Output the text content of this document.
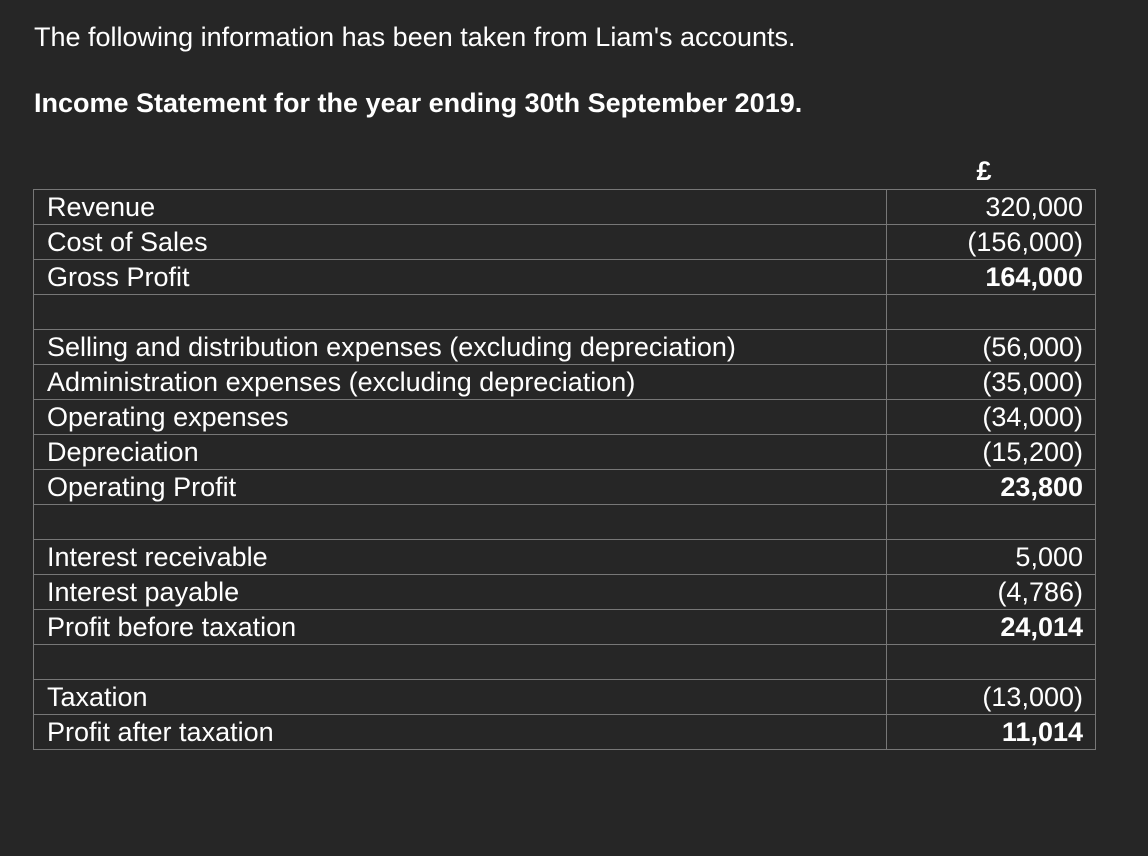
The following information has been taken from Liam's accounts.
Income Statement for the year ending 30th September 2019.
£
Revenue	320,000
Cost of Sales	(156,000)
Gross Profit	164,000

Selling and distribution expenses (excluding depreciation)	(56,000)
Administration expenses (excluding depreciation)	(35,000)
Operating expenses	(34,000)
Depreciation	(15,200)
Operating Profit	23,800

Interest receivable	5,000
Interest payable	(4,786)
Profit before taxation	24,014

Taxation	(13,000)
Profit after taxation	11,014
